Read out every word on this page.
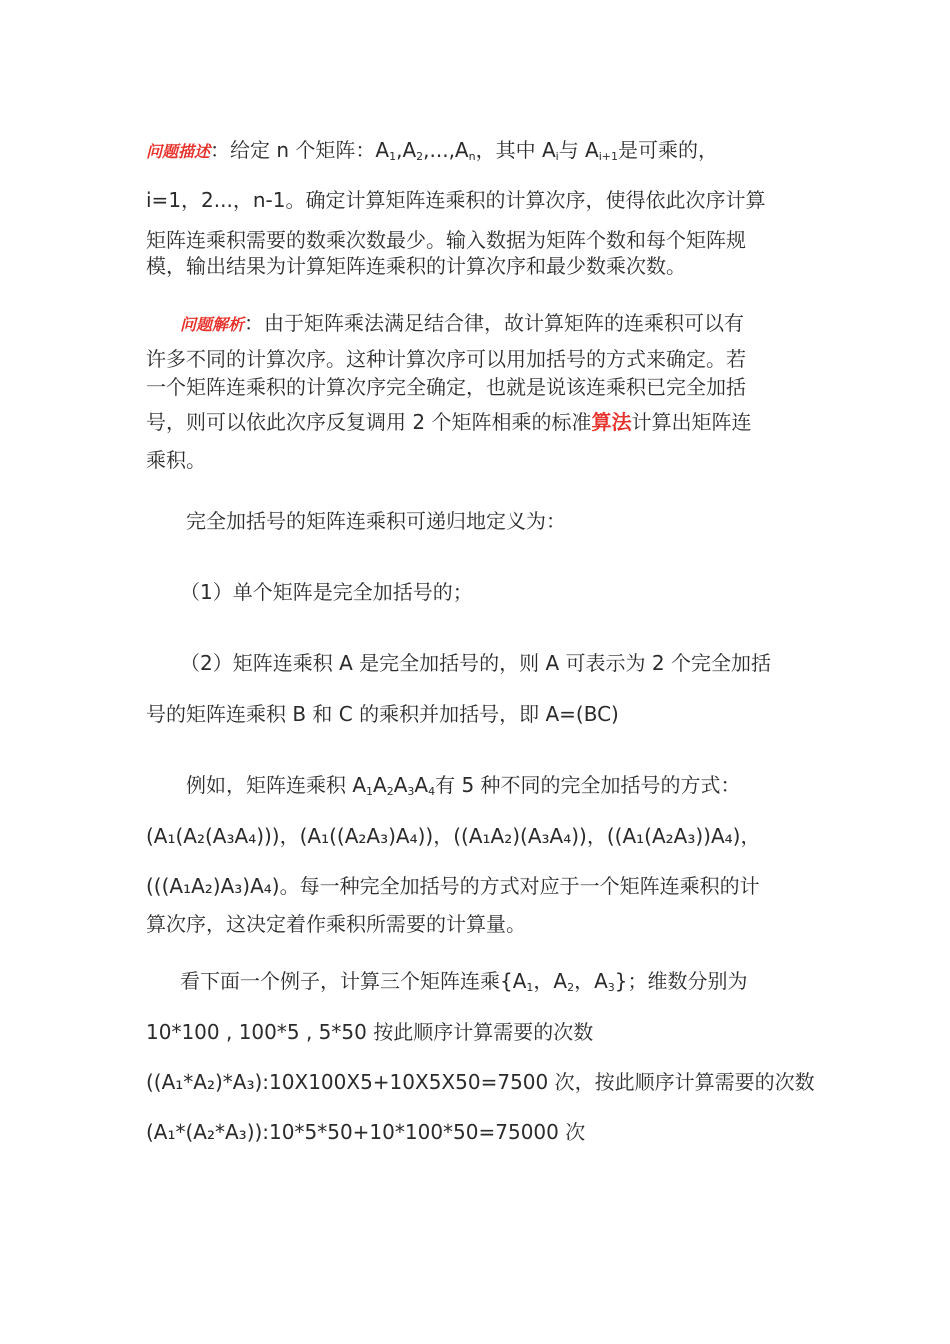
问题描述：给定 n 个矩阵：$A_1,A_2,...,A_n$，其中 $A_i$与 $A_{i+1}$是可乘的，
i=1，2...，n-1。确定计算矩阵连乘积的计算次序，使得依此次序计算
矩阵连乘积需要的数乘次数最少。输入数据为矩阵个数和每个矩阵规
模，输出结果为计算矩阵连乘积的计算次序和最少数乘次数。
问题解析：由于矩阵乘法满足结合律，故计算矩阵的连乘积可以有
许多不同的计算次序。这种计算次序可以用加括号的方式来确定。若
一个矩阵连乘积的计算次序完全确定，也就是说该连乘积已完全加括
号，则可以依此次序反复调用 2 个矩阵相乘的标准算法计算出矩阵连
乘积。
完全加括号的矩阵连乘积可递归地定义为：
（1）单个矩阵是完全加括号的；
（2）矩阵连乘积 A 是完全加括号的，则 A 可表示为 2 个完全加括
号的矩阵连乘积 B 和 C 的乘积并加括号，即 A=(BC)
例如，矩阵连乘积 $A_1A_2A_3A_4$有 5 种不同的完全加括号的方式：
(A₁(A₂(A₃A₄)))，(A₁((A₂A₃)A₄))，((A₁A₂)(A₃A₄))，((A₁(A₂A₃))A₄)，
(((A₁A₂)A₃)A₄)。每一种完全加括号的方式对应于一个矩阵连乘积的计
算次序，这决定着作乘积所需要的计算量。
看下面一个例子，计算三个矩阵连乘{$A_1$，$A_2$，$A_3$}；维数分别为
10*100 , 100*5 , 5*50 按此顺序计算需要的次数
((A₁*A₂)*A₃):10X100X5+10X5X50=7500 次，按此顺序计算需要的次数
(A₁*(A₂*A₃)):10*5*50+10*100*50=75000 次
